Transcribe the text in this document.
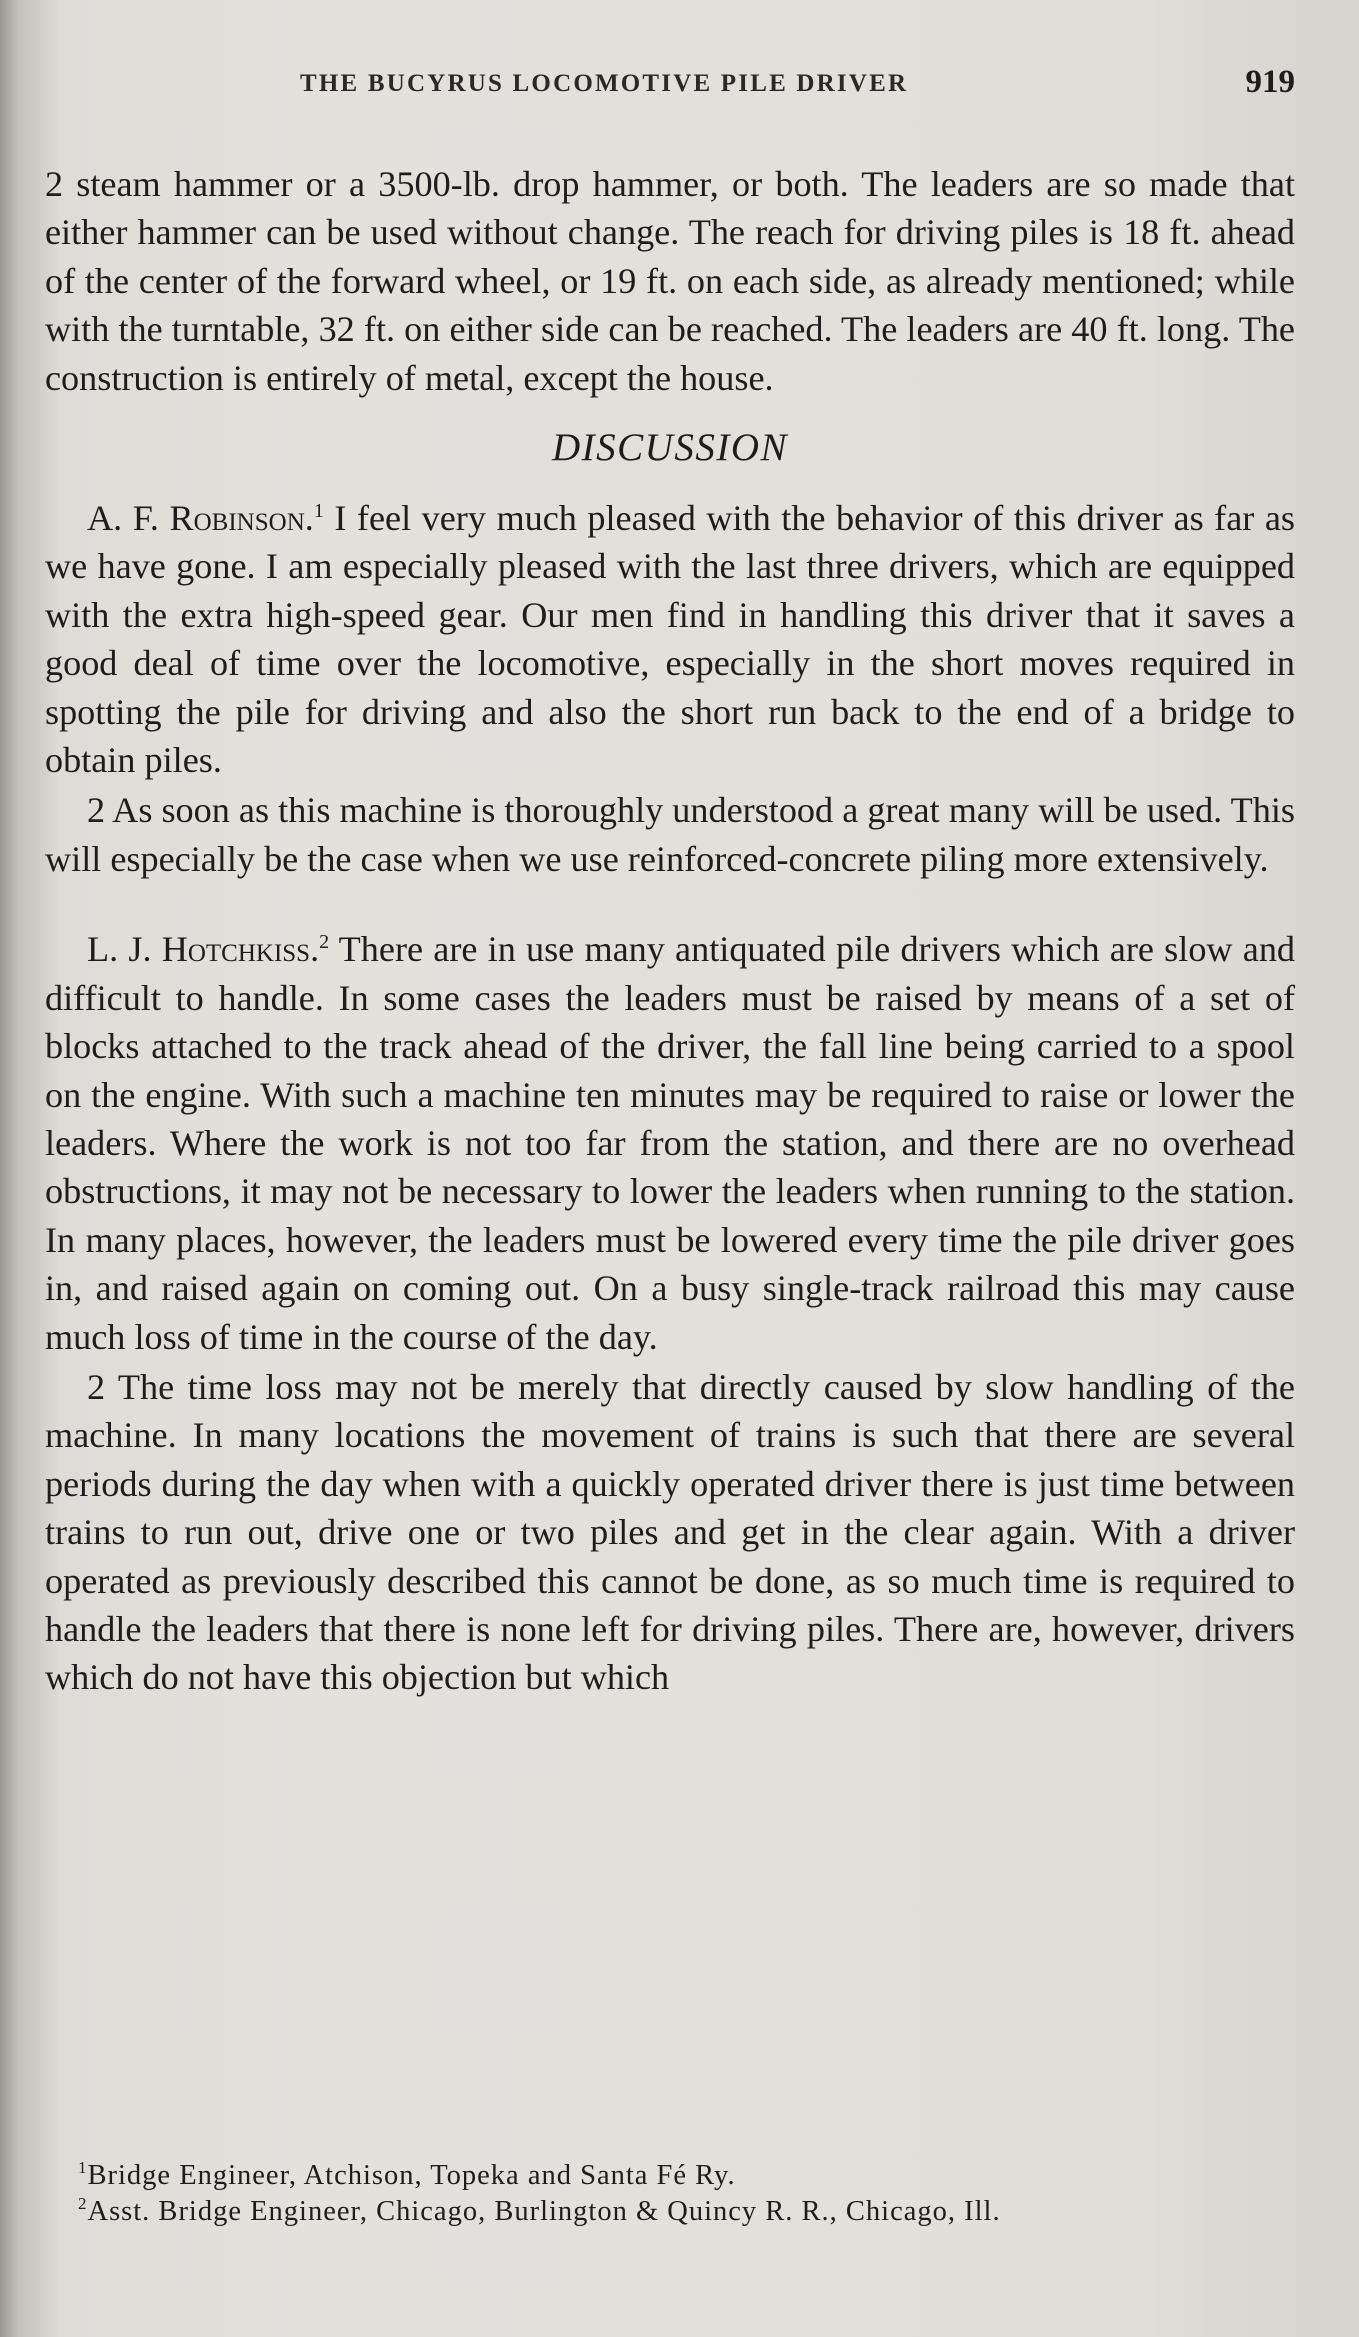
THE BUCYRUS LOCOMOTIVE PILE DRIVER	919

2 steam hammer or a 3500-lb. drop hammer, or both. The leaders are so made that either hammer can be used without change. The reach for driving piles is 18 ft. ahead of the center of the forward wheel, or 19 ft. on each side, as already mentioned; while with the turntable, 32 ft. on either side can be reached. The leaders are 40 ft. long. The construction is entirely of metal, except the house.

DISCUSSION

A. F. Robinson.$^1$ I feel very much pleased with the behavior of this driver as far as we have gone. I am especially pleased with the last three drivers, which are equipped with the extra high-speed gear. Our men find in handling this driver that it saves a good deal of time over the locomotive, especially in the short moves required in spotting the pile for driving and also the short run back to the end of a bridge to obtain piles.

2 As soon as this machine is thoroughly understood a great many will be used. This will especially be the case when we use reinforced-concrete piling more extensively.

L. J. Hotchkiss.$^2$ There are in use many antiquated pile drivers which are slow and difficult to handle. In some cases the leaders must be raised by means of a set of blocks attached to the track ahead of the driver, the fall line being carried to a spool on the engine. With such a machine ten minutes may be required to raise or lower the leaders. Where the work is not too far from the station, and there are no overhead obstructions, it may not be necessary to lower the leaders when running to the station. In many places, however, the leaders must be lowered every time the pile driver goes in, and raised again on coming out. On a busy single-track railroad this may cause much loss of time in the course of the day.

2 The time loss may not be merely that directly caused by slow handling of the machine. In many locations the movement of trains is such that there are several periods during the day when with a quickly operated driver there is just time between trains to run out, drive one or two piles and get in the clear again. With a driver operated as previously described this cannot be done, as so much time is required to handle the leaders that there is none left for driving piles. There are, however, drivers which do not have this objection but which

$^1$Bridge Engineer, Atchison, Topeka and Santa Fé Ry.

$^2$Asst. Bridge Engineer, Chicago, Burlington & Quincy R. R., Chicago, Ill.
